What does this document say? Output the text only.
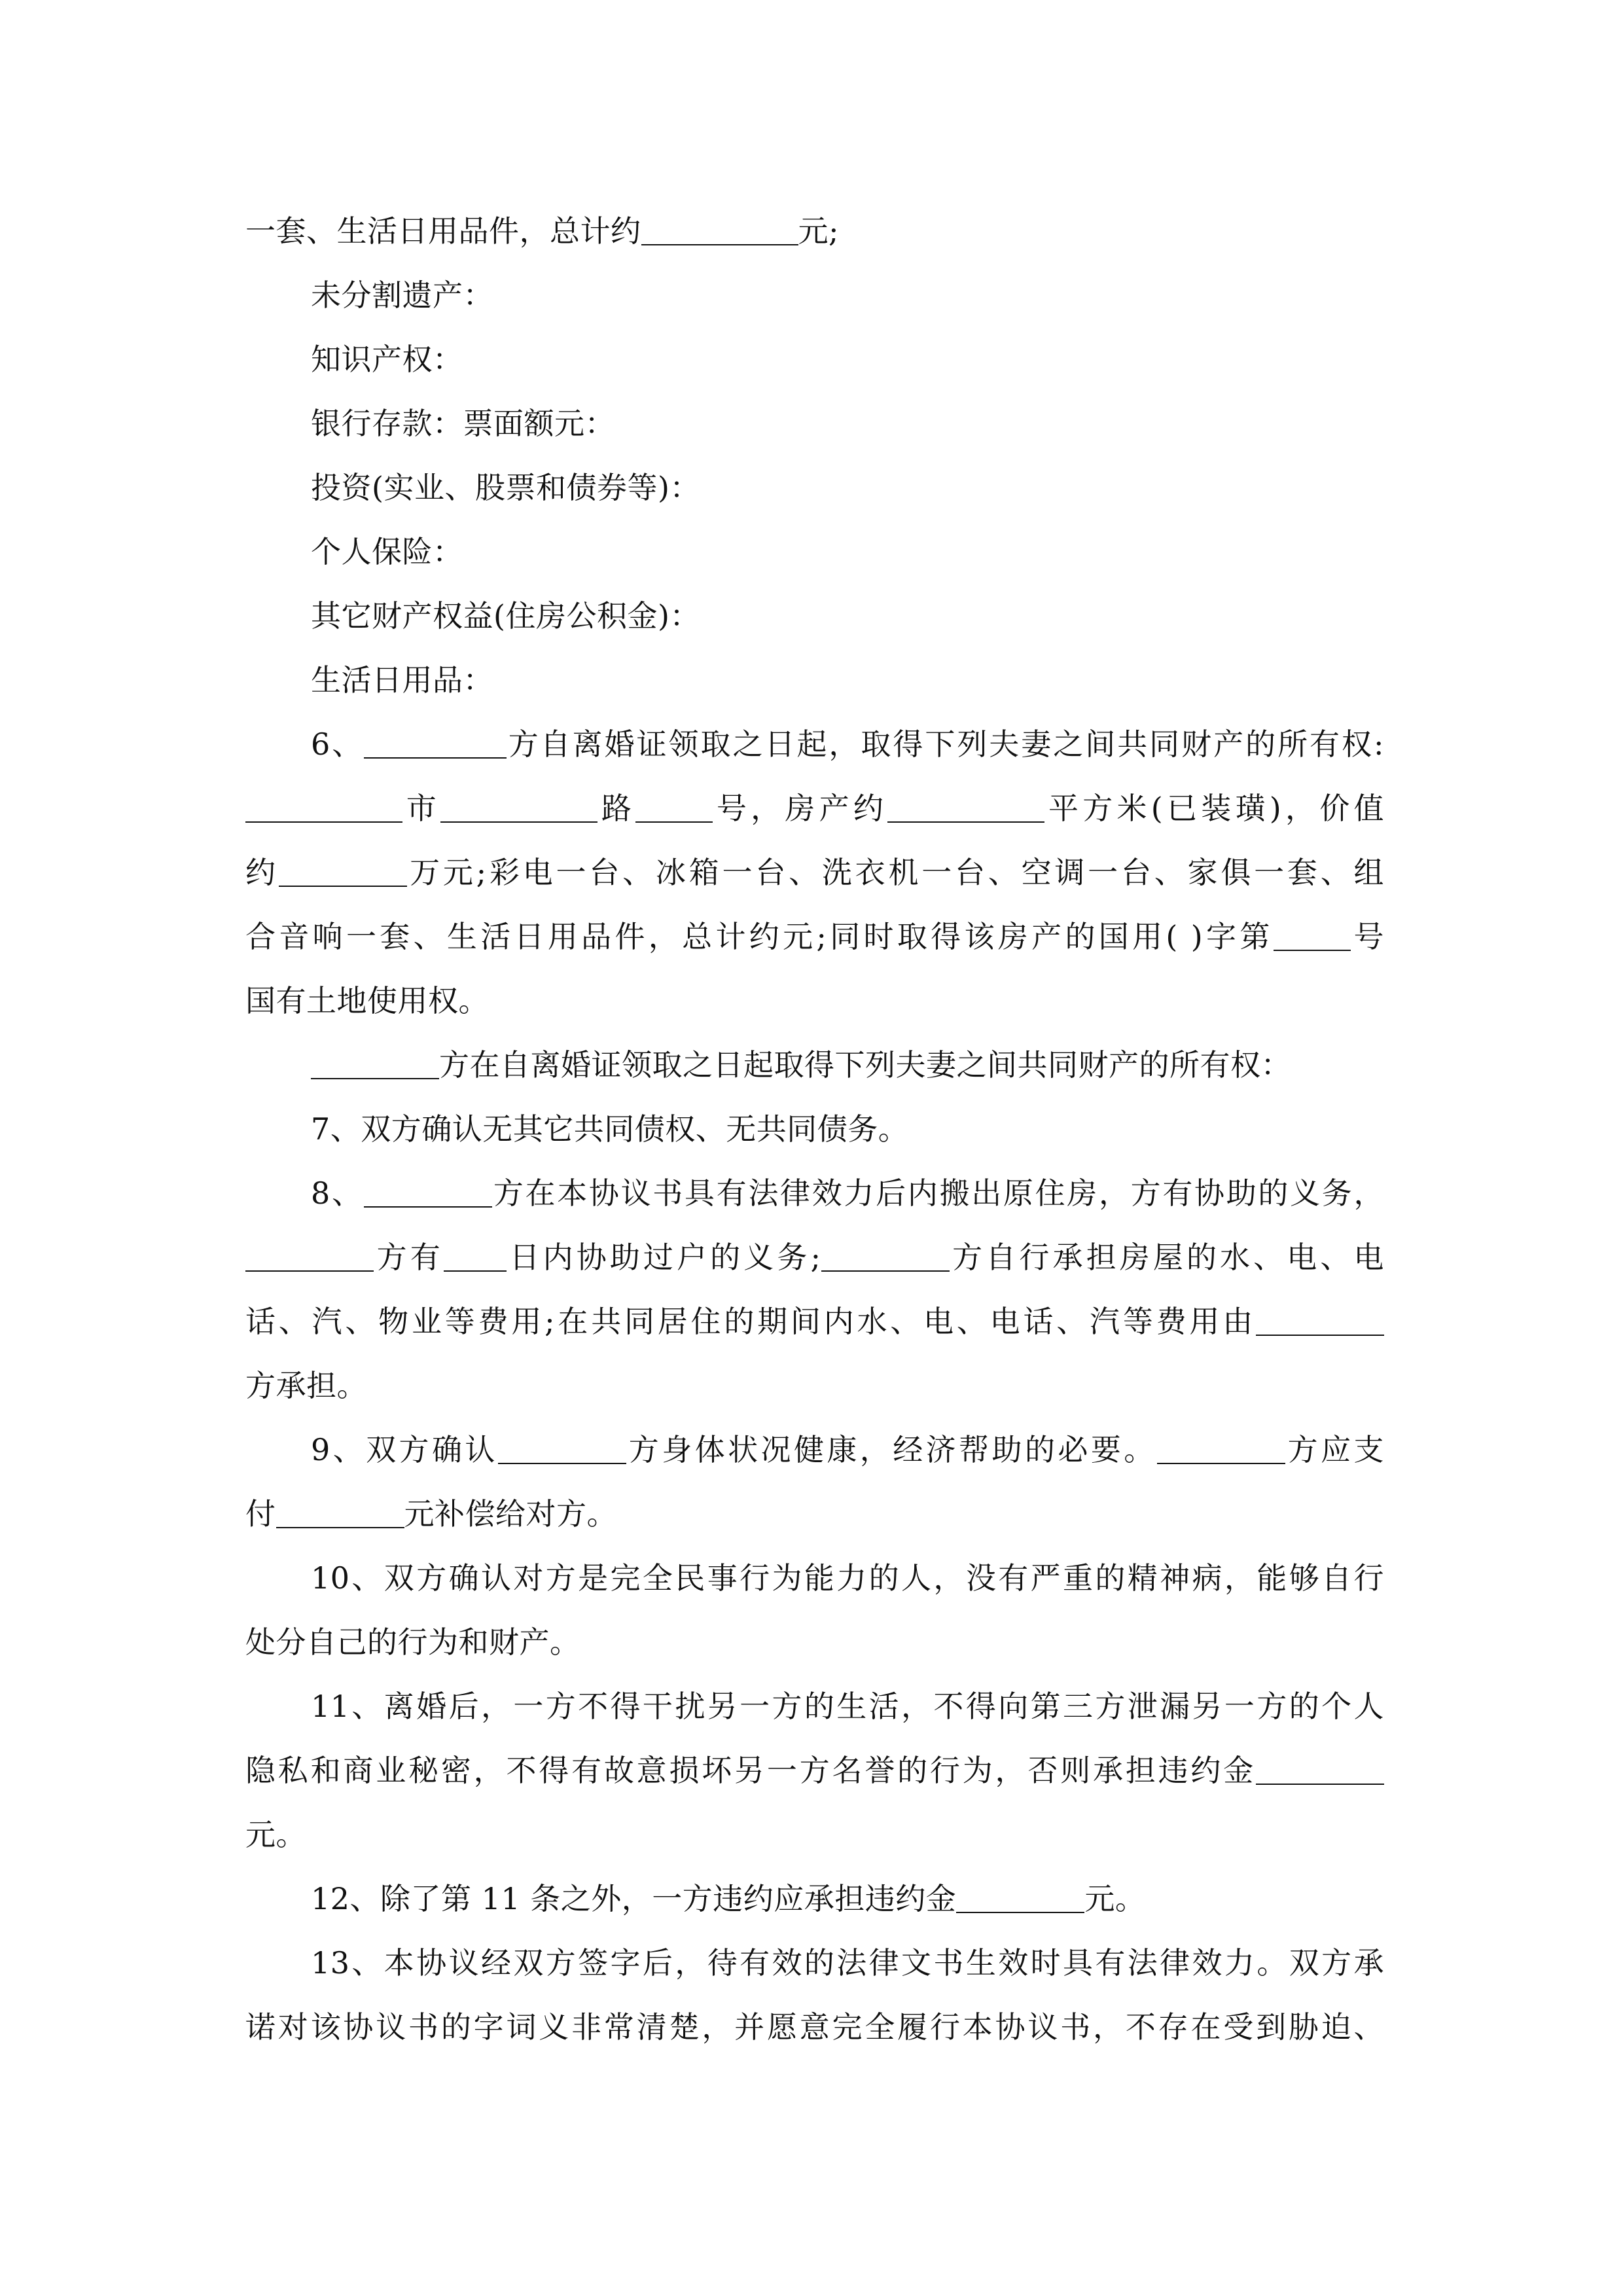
一套、生活日用品件，总计约	元;
未分割遗产：
知识产权：
银行存款：票面额元：
投资(实业、股票和债券等)：
个人保险：
其它财产权益(住房公积金)：
生活日用品：
6、	方自离婚证领取之日起，取得下列夫妻之间共同财产的所有权:
市	路	号，房产约	平方米(已装璜)，价值
约	万元;彩电一台、冰箱一台、洗衣机一台、空调一台、家俱一套、组
合音响一套、生活日用品件，总计约元;同时取得该房产的国用( )字第	号
国有土地使用权。
方在自离婚证领取之日起取得下列夫妻之间共同财产的所有权：
7、双方确认无其它共同债权、无共同债务。
8、	方在本协议书具有法律效力后内搬出原住房，方有协助的义务，
方有 日内协助过户的义务;	方自行承担房屋的水、电、电
话、汽、物业等费用;在共同居住的期间内水、电、电话、汽等费用由
方承担。
9、双方确认	方身体状况健康，经济帮助的必要。	方应支
付	元补偿给对方。
10、双方确认对方是完全民事行为能力的人，没有严重的精神病，能够自行
处分自己的行为和财产。
11、离婚后，一方不得干扰另一方的生活，不得向第三方泄漏另一方的个人
隐私和商业秘密，不得有故意损坏另一方名誉的行为，否则承担违约金
元。
12、除了第 11 条之外，一方违约应承担违约金	元。
13、本协议经双方签字后，待有效的法律文书生效时具有法律效力。双方承
诺对该协议书的字词义非常清楚，并愿意完全履行本协议书，不存在受到胁迫、
